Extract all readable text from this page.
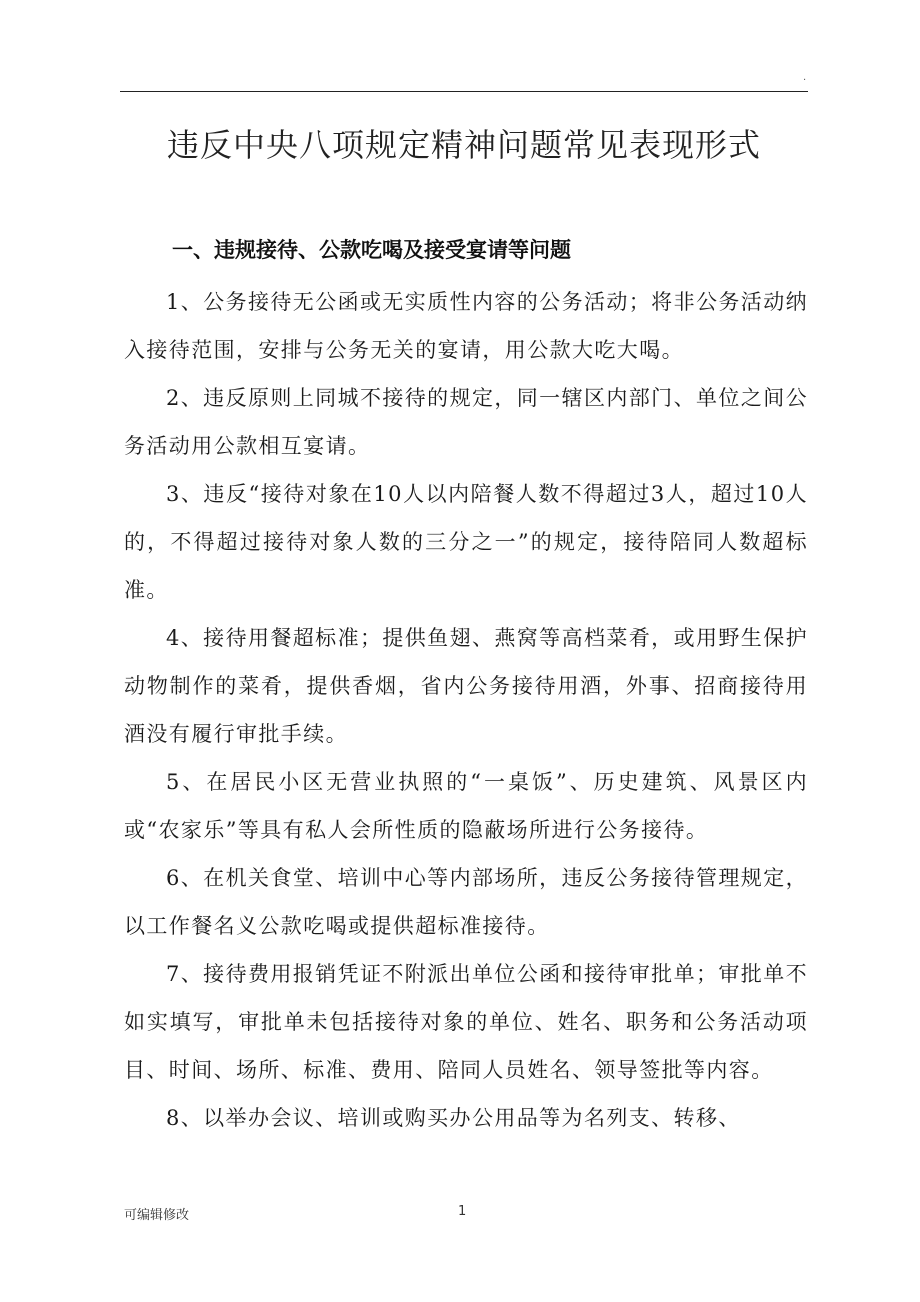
.
违反中央八项规定精神问题常见表现形式
一、违规接待、公款吃喝及接受宴请等问题

1、公务接待无公函或无实质性内容的公务活动；将非公务活动纳入接待范围，安排与公务无关的宴请，用公款大吃大喝。

2、违反原则上同城不接待的规定，同一辖区内部门、单位之间公务活动用公款相互宴请。

3、违反“接待对象在10人以内陪餐人数不得超过3人，超过10人的，不得超过接待对象人数的三分之一”的规定，接待陪同人数超标准。

4、接待用餐超标准；提供鱼翅、燕窝等高档菜肴，或用野生保护动物制作的菜肴，提供香烟，省内公务接待用酒，外事、招商接待用酒没有履行审批手续。

5、在居民小区无营业执照的“一桌饭”、历史建筑、风景区内或“农家乐”等具有私人会所性质的隐蔽场所进行公务接待。

6、在机关食堂、培训中心等内部场所，违反公务接待管理规定，以工作餐名义公款吃喝或提供超标准接待。

7、接待费用报销凭证不附派出单位公函和接待审批单；审批单不如实填写，审批单未包括接待对象的单位、姓名、职务和公务活动项目、时间、场所、标准、费用、陪同人员姓名、领导签批等内容。

8、以举办会议、培训或购买办公用品等为名列支、转移、

可编辑修改	1
